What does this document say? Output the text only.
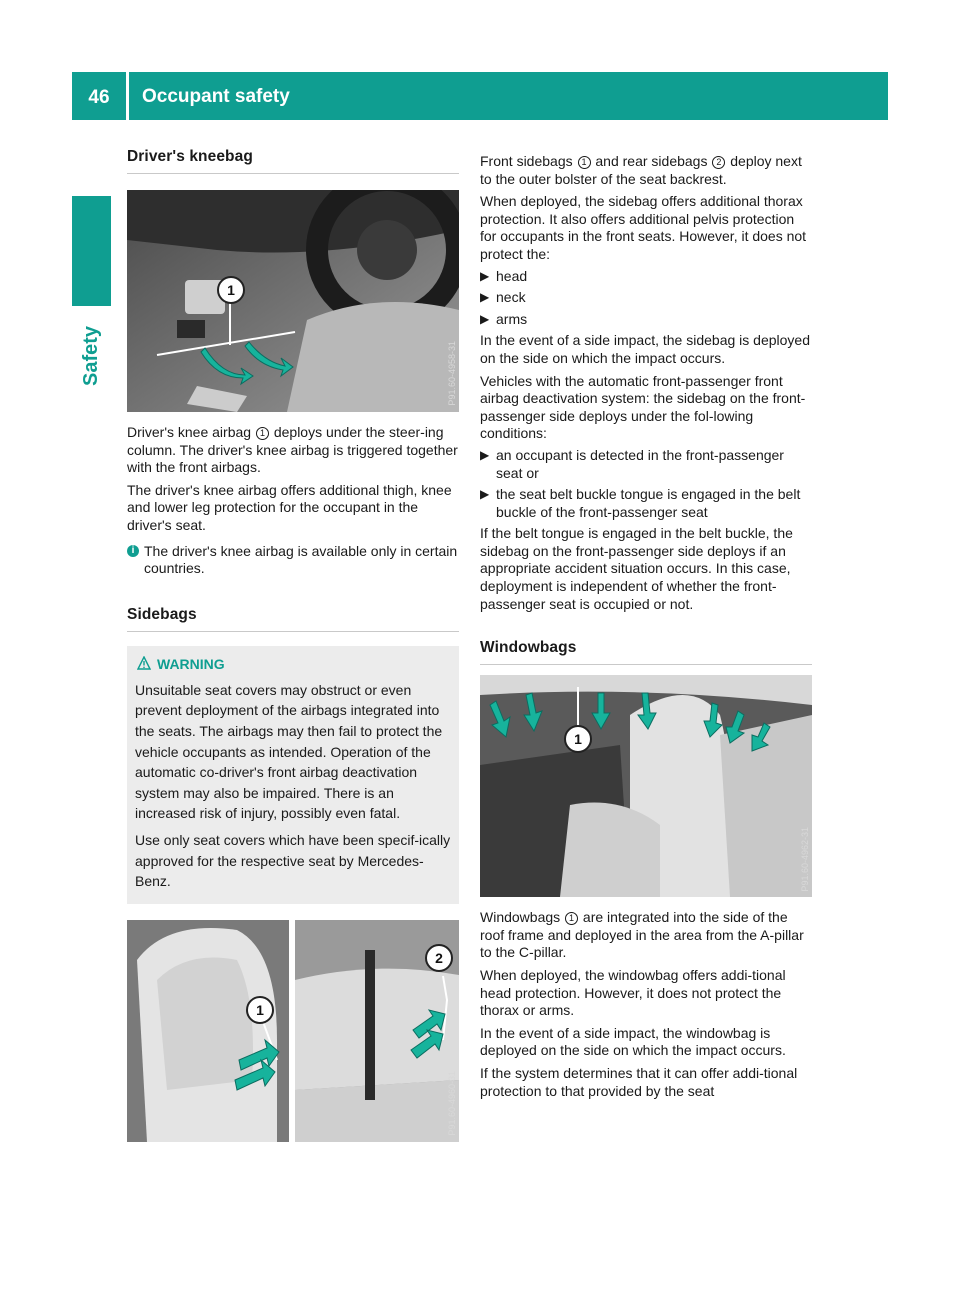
46	Occupant safety
Safety
Driver's kneebag
1
P91.60-4958-31

Driver's knee airbag 1 deploys under the steer-ing column. The driver's knee airbag is triggered together with the front airbags.

The driver's knee airbag offers additional thigh, knee and lower leg protection for the occupant in the driver's seat.

i The driver's knee airbag is available only in certain countries.
Sidebags
WARNING

Unsuitable seat covers may obstruct or even prevent deployment of the airbags integrated into the seats. The airbags may then fail to protect the vehicle occupants as intended. Operation of the automatic co-driver's front airbag deactivation system may also be impaired. There is an increased risk of injury, possibly even fatal.

Use only seat covers which have been specif-ically approved for the respective seat by Mercedes-Benz.

1
2
P91.60-4960-31

Front sidebags 1 and rear sidebags 2 deploy next to the outer bolster of the seat backrest.

When deployed, the sidebag offers additional thorax protection. It also offers additional pelvis protection for occupants in the front seats. However, it does not protect the:

▶ head
▶ neck
▶ arms

In the event of a side impact, the sidebag is deployed on the side on which the impact occurs.

Vehicles with the automatic front-passenger front airbag deactivation system: the sidebag on the front-passenger side deploys under the fol-lowing conditions:

▶ an occupant is detected in the front-passenger seat or
▶ the seat belt buckle tongue is engaged in the belt buckle of the front-passenger seat

If the belt tongue is engaged in the belt buckle, the sidebag on the front-passenger side deploys if an appropriate accident situation occurs. In this case, deployment is independent of whether the front-passenger seat is occupied or not.

Windowbags
1
P91.60-4962-31

Windowbags 1 are integrated into the side of the roof frame and deployed in the area from the A-pillar to the C-pillar.

When deployed, the windowbag offers addi-tional head protection. However, it does not protect the thorax or arms.

In the event of a side impact, the windowbag is deployed on the side on which the impact occurs.

If the system determines that it can offer addi-tional protection to that provided by the seat
